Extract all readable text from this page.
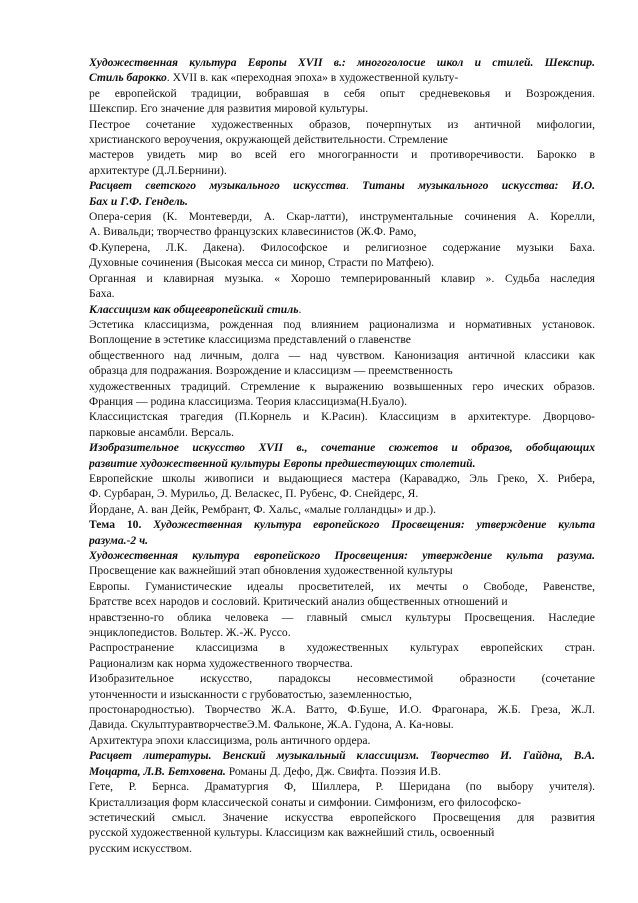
Художественная культура Европы XVII в.: многоголосие школ и стилей. Шекспир.
Стиль барокко. XVII в. как «переходная эпоха» в художественной культу-
ре европейской традиции, вобравшая в себя опыт средневековья и Возрождения.
Шекспир. Его значение для развития мировой культуры.
Пестрое сочетание художественных образов, почерпнутых из античной мифологии,
христианского вероучения, окружающей действительности. Стремление
мастеров увидеть мир во всей его многогранности и противоречивости. Барокко в
архитектуре (Д.Л.Бернини).
Расцвет светского музыкального искусства. Титаны музыкального искусства: И.О.
Бах и Г.Ф. Гендель.
Опера-серия (К. Монтеверди, А. Скар-латти), инструментальные сочинения А. Корелли,
А. Вивальди; творчество французских клавесинистов (Ж.Ф. Рамо,
Ф.Куперена, Л.К. Дакена). Философское и религиозное содержание музыки Баха.
Духовные сочинения (Высокая месса си минор, Страсти по Матфею).
Органная и клавирная музыка. « Хорошо темперированный клавир ». Судьба наследия
Баха.
Классицизм как общеевропейский стиль.
Эстетика классицизма, рожденная под влиянием рационализма и нормативных установок.
Воплощение в эстетике классицизма представлений о главенстве
общественного над личным, долга — над чувством. Канонизация античной классики как
образца для подражания. Возрождение и классицизм — преемственность
художественных традиций. Стремление к выражению возвышенных геро ических образов.
Франция — родина классицизма. Теория классицизма(Н.Буало).
Классицистская трагедия (П.Корнель и К.Расин). Классицизм в архитектуре. Дворцово-
парковые ансамбли. Версаль.
Изобразительное искусство XVII в., сочетание сюжетов и образов, обобщающих
развитие художественной культуры Европы предшествующих столетий.
Европейские школы живописи и выдающиеся мастера (Караваджо, Эль Греко, Х. Рибера,
Ф. Сурбаран, Э. Мурильо, Д. Веласкес, П. Рубенс, Ф. Снейдерс, Я.
Йордане, А. ван Дейк, Рембрант, Ф. Хальс, «малые голландцы» и др.).
Тема 10. Художественная культура европейского Просвещения: утверждение культа
разума.-2 ч.
Художественная культура европейского Просвещения: утверждение культа разума.
Просвещение как важнейший этап обновления художественной культуры
Европы. Гуманистические идеалы просветителей, их мечты о Свободе, Равенстве,
Братстве всех народов и сословий. Критический анализ общественных отношений и
нравстзенно-го облика человека — главный смысл культуры Просвещения. Наследие
энциклопедистов. Вольтер. Ж.-Ж. Руссо.
Распространение классицизма в художественных культурах европейских стран.
Рационализм как норма художественного творчества.
Изобразительное искусство, парадоксы несовместимой образности (сочетание
утонченности и изысканности с грубоватостью, заземленностью,
простонародностью). Творчество Ж.А. Ватто, Ф.Буше, И.О. Фрагонара, Ж.Б. Греза, Ж.Л.
Давида. СкульптуравтворчествеЭ.М. Фальконе, Ж.А. Гудона, А. Ка-новы.
Архитектура эпохи классицизма, роль античного ордера.
Расцвет литературы. Венский музыкальный классицизм. Творчество И. Гайдна, В.А.
Моцарта, Л.В. Бетховена. Романы Д. Дефо, Дж. Свифта. Поэзия И.В.
Гете, Р. Бернса. Драматургия Ф, Шиллера, Р. Шеридана (по выбору учителя).
Кристаллизация форм классической сонаты и симфонии. Симфонизм, его философско-
эстетический смысл. Значение искусства европейского Просвещения для развития
русской художественной культуры. Классицизм как важнейший стиль, освоенный
русским искусством.
